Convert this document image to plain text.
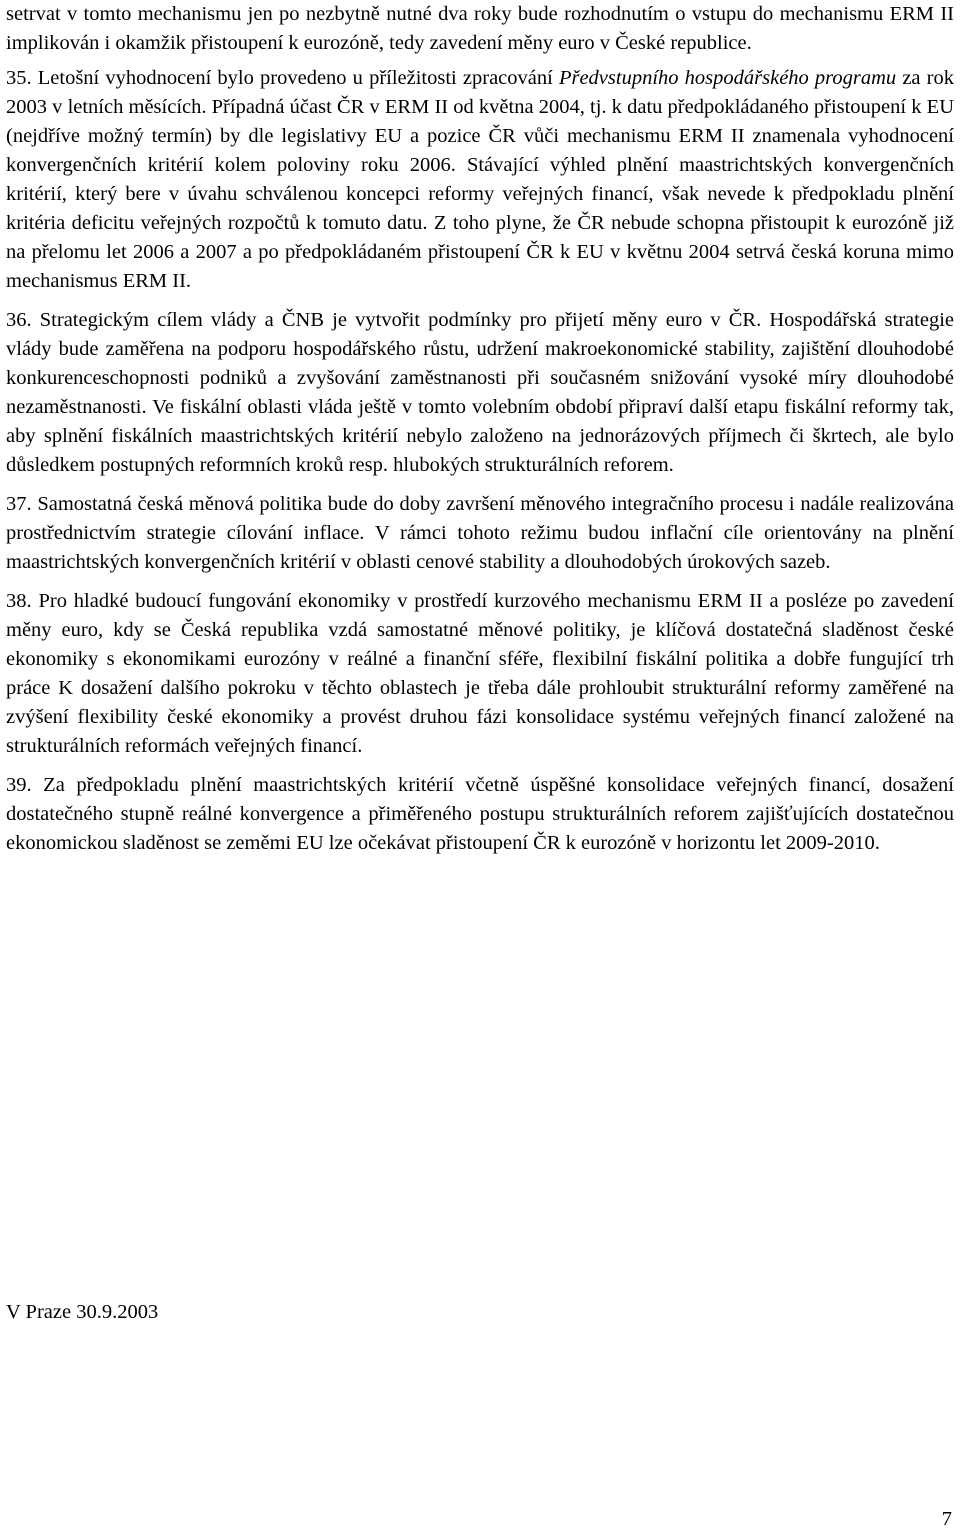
setrvat v tomto mechanismu jen po nezbytně nutné dva roky bude rozhodnutím o vstupu do mechanismu ERM II implikován i okamžik přistoupení k eurozóně, tedy zavedení měny euro v České republice.

35. Letošní vyhodnocení bylo provedeno u příležitosti zpracování Předvstupního hospodářského programu za rok 2003 v letních měsících. Případná účast ČR v ERM II od května 2004, tj. k datu předpokládaného přistoupení k EU (nejdříve možný termín) by dle legislativy EU a pozice ČR vůči mechanismu ERM II znamenala vyhodnocení konvergenčních kritérií kolem poloviny roku 2006. Stávající výhled plnění maastrichtských konvergenčních kritérií, který bere v úvahu schválenou koncepci reformy veřejných financí, však nevede k předpokladu plnění kritéria deficitu veřejných rozpočtů k tomuto datu. Z toho plyne, že ČR nebude schopna přistoupit k eurozóně již na přelomu let 2006 a 2007 a po předpokládaném přistoupení ČR k EU v květnu 2004 setrvá česká koruna mimo mechanismus ERM II.

36. Strategickým cílem vlády a ČNB je vytvořit podmínky pro přijetí měny euro v ČR. Hospodářská strategie vlády bude zaměřena na podporu hospodářského růstu, udržení makroekonomické stability, zajištění dlouhodobé konkurenceschopnosti podniků a zvyšování zaměstnanosti při současném snižování vysoké míry dlouhodobé nezaměstnanosti. Ve fiskální oblasti vláda ještě v tomto volebním období připraví další etapu fiskální reformy tak, aby splnění fiskálních maastrichtských kritérií nebylo založeno na jednorázových příjmech či škrtech, ale bylo důsledkem postupných reformních kroků resp. hlubokých strukturálních reforem.

37. Samostatná česká měnová politika bude do doby završení měnového integračního procesu i nadále realizována prostřednictvím strategie cílování inflace. V rámci tohoto režimu budou inflační cíle orientovány na plnění maastrichtských konvergenčních kritérií v oblasti cenové stability a dlouhodobých úrokových sazeb.

38. Pro hladké budoucí fungování ekonomiky v prostředí kurzového mechanismu ERM II a posléze po zavedení měny euro, kdy se Česká republika vzdá samostatné měnové politiky, je klíčová dostatečná sladěnost české ekonomiky s ekonomikami eurozóny v reálné a finanční sféře, flexibilní fiskální politika a dobře fungující trh práce K dosažení dalšího pokroku v těchto oblastech je třeba dále prohloubit strukturální reformy zaměřené na zvýšení flexibility české ekonomiky a provést druhou fázi konsolidace systému veřejných financí založené na strukturálních reformách veřejných financí.

39. Za předpokladu plnění maastrichtských kritérií včetně úspěšné konsolidace veřejných financí, dosažení dostatečného stupně reálné konvergence a přiměřeného postupu strukturálních reforem zajišťujících dostatečnou ekonomickou sladěnost se zeměmi EU lze očekávat přistoupení ČR k eurozóně v horizontu let 2009-2010.

V Praze 30.9.2003
7
